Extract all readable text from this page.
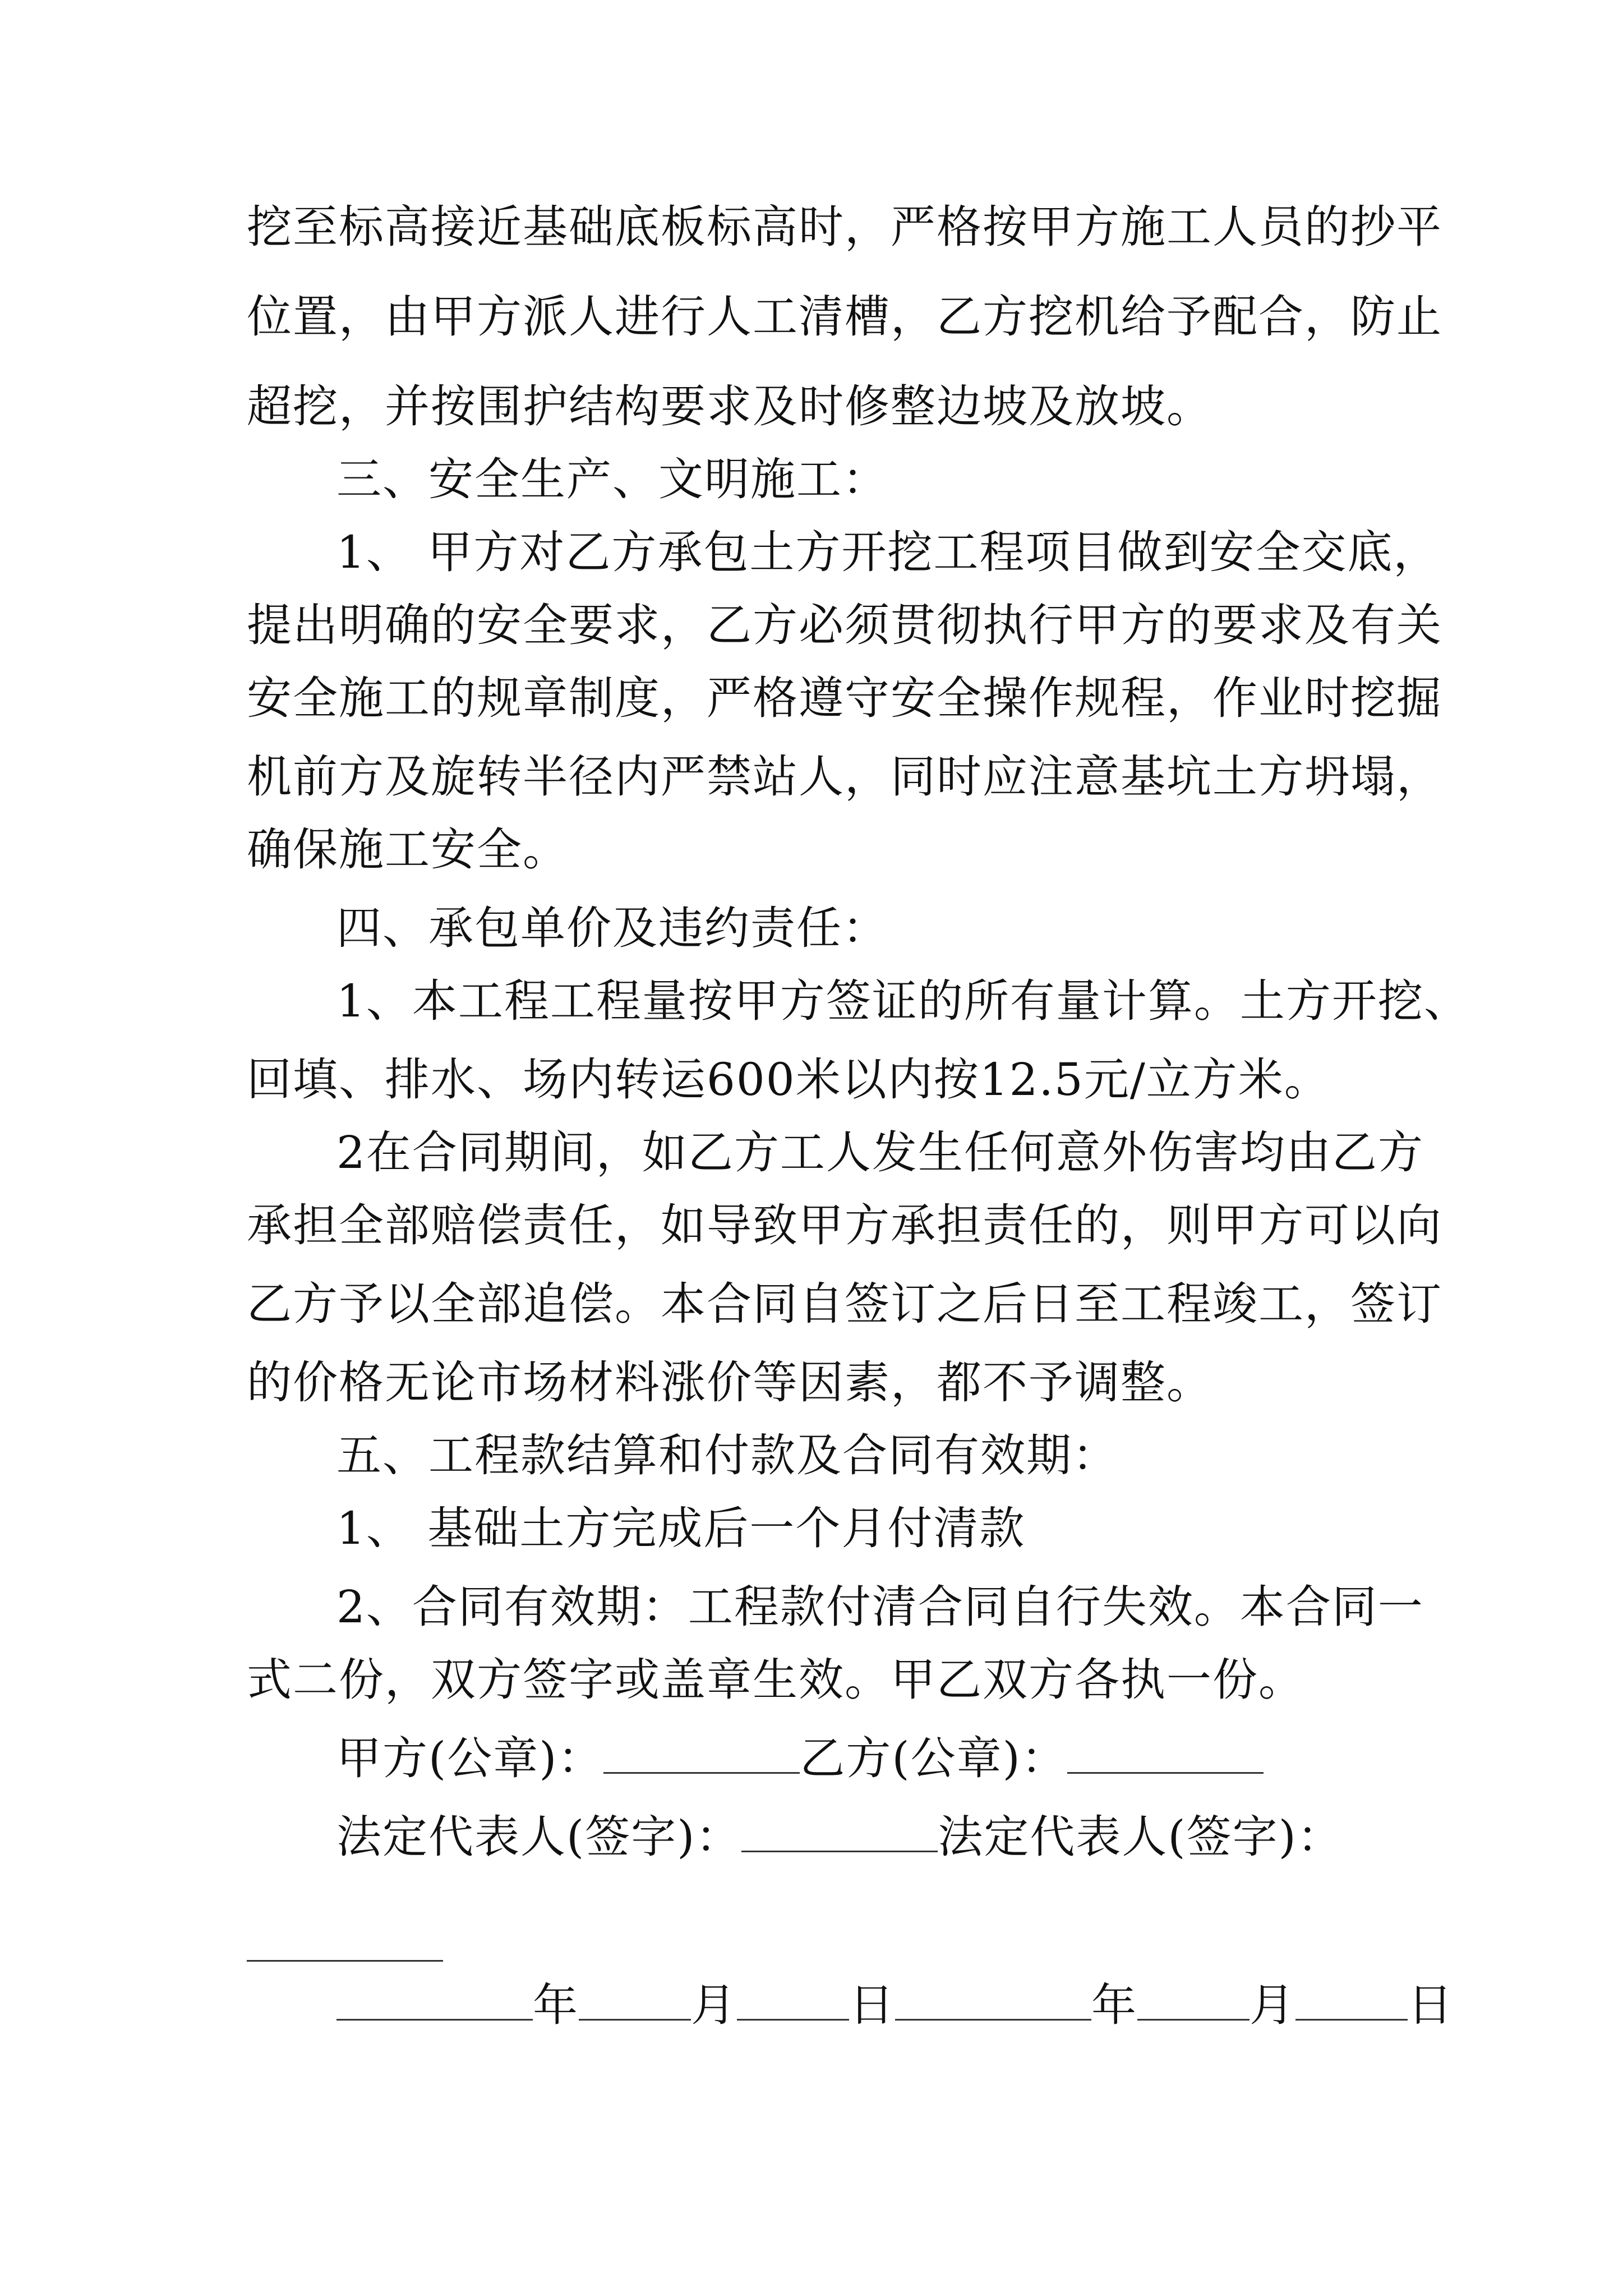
挖至标高接近基础底板标高时，严格按甲方施工人员的抄平
位置，由甲方派人进行人工清槽，乙方挖机给予配合，防止
超挖，并按围护结构要求及时修整边坡及放坡。
三、安全生产、文明施工：
1、 甲方对乙方承包土方开挖工程项目做到安全交底，
提出明确的安全要求，乙方必须贯彻执行甲方的要求及有关
安全施工的规章制度，严格遵守安全操作规程，作业时挖掘
机前方及旋转半径内严禁站人，同时应注意基坑土方坍塌，
确保施工安全。
四、承包单价及违约责任：
1、本工程工程量按甲方签证的所有量计算。土方开挖、
回填、排水、场内转运600米以内按12.5元/立方米。
2在合同期间，如乙方工人发生任何意外伤害均由乙方
承担全部赔偿责任，如导致甲方承担责任的，则甲方可以向
乙方予以全部追偿。本合同自签订之后日至工程竣工，签订
的价格无论市场材料涨价等因素，都不予调整。
五、工程款结算和付款及合同有效期：
1、 基础土方完成后一个月付清款
2、合同有效期：工程款付清合同自行失效。本合同一
式二份，双方签字或盖章生效。甲乙双方各执一份。
甲方(公章)：	乙方(公章)：
法定代表人(签字)：	法定代表人(签字)：
年	月	日	年	月	日
